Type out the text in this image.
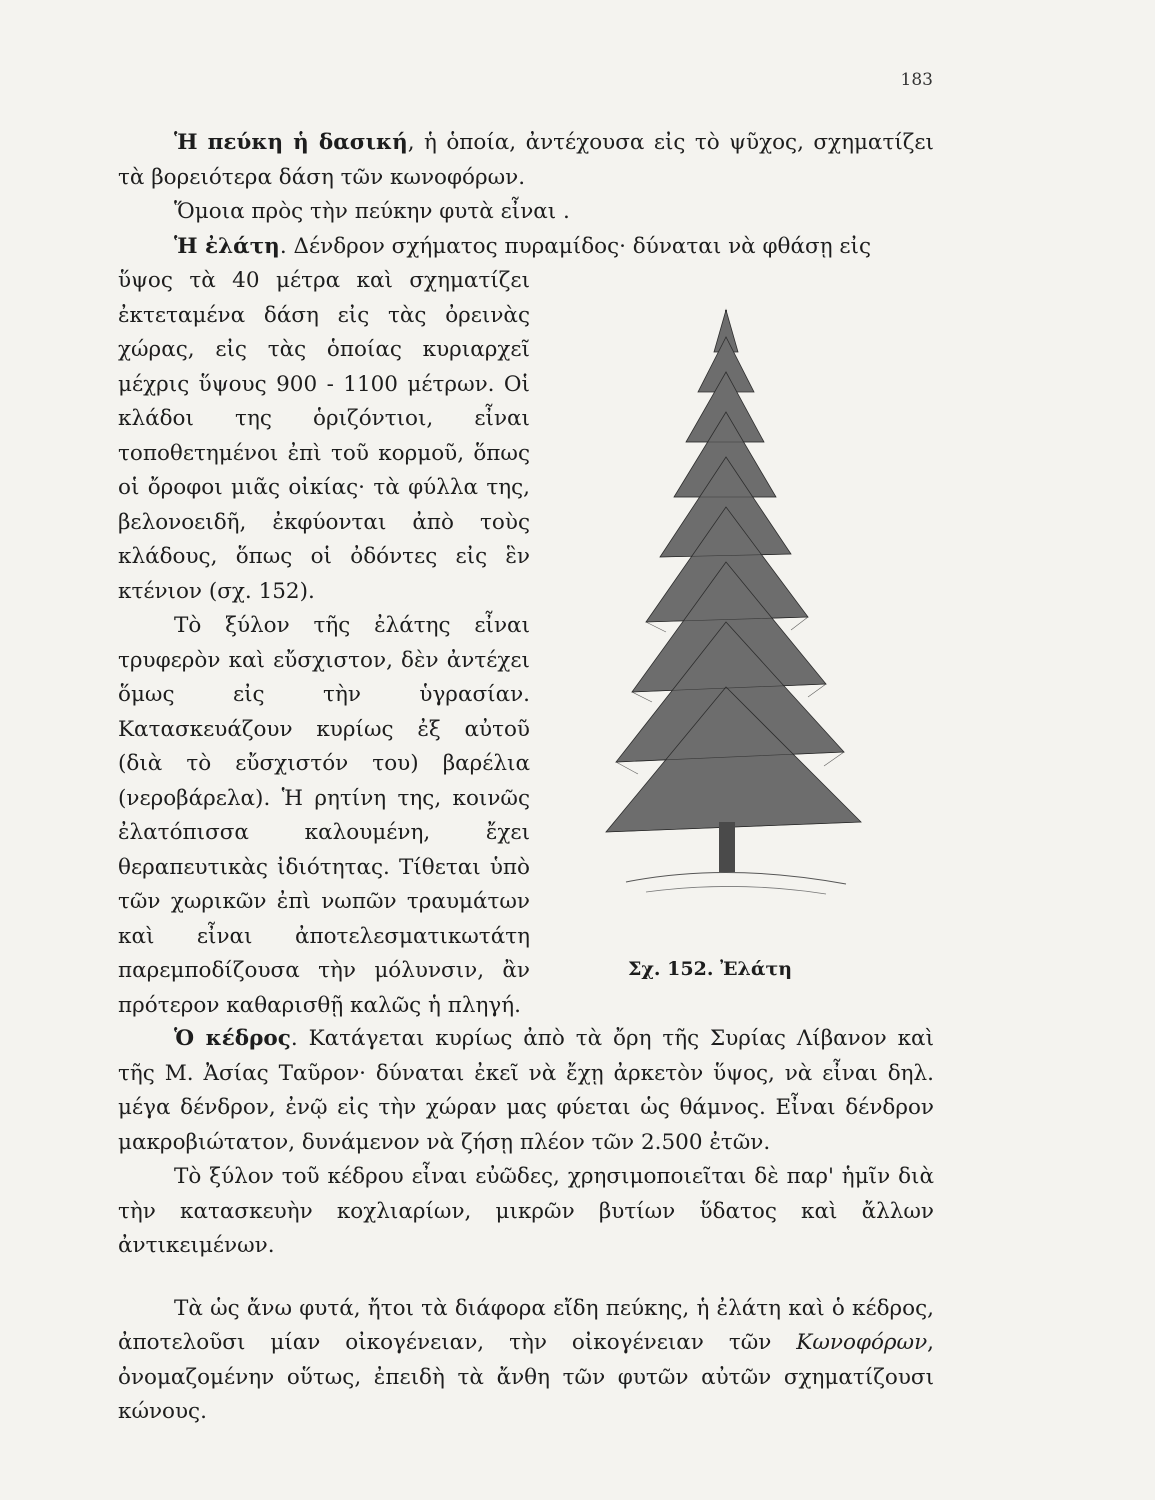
183

Ἡ πεύκη ἡ δασική, ἡ ὁποία, ἀντέχουσα εἰς τὸ ψῦχος, σχηματίζει τὰ βορειότερα δάση τῶν κωνοφόρων.

Ὅμοια πρὸς τὴν πεύκην φυτὰ εἶναι .

Ἡ ἐλάτη. Δένδρον σχήματος πυραμίδος· δύναται νὰ φθάσῃ εἰς

ὕψος τὰ 40 μέτρα καὶ σχηματίζει ἐκτεταμένα δάση εἰς τὰς ὀρεινὰς χώρας, εἰς τὰς ὁποίας κυριαρχεῖ μέχρις ὕψους 900 - 1100 μέτρων. Οἱ κλάδοι της ὁριζόντιοι, εἶναι τοποθετημένοι ἐπὶ τοῦ κορμοῦ, ὅπως οἱ ὄροφοι μιᾶς οἰκίας· τὰ φύλλα της, βελονοειδῆ, ἐκφύονται ἀπὸ τοὺς κλάδους, ὅπως οἱ ὀδόντες εἰς ἓν κτένιον (σχ. 152).

Τὸ ξύλον τῆς ἐλάτης εἶναι τρυφερὸν καὶ εὔσχιστον, δὲν ἀντέχει ὅμως εἰς τὴν ὑγρασίαν. Κατασκευάζουν κυρίως ἐξ αὐτοῦ (διὰ τὸ εὔσχιστόν του) βαρέλια (νεροβάρελα). Ἡ ρητίνη της, κοινῶς ἐλατόπισσα καλουμένη, ἔχει θεραπευτικὰς ἰδιότητας. Τίθεται ὑπὸ τῶν χωρικῶν ἐπὶ νωπῶν τραυμάτων καὶ εἶναι ἀποτελεσματικωτάτη παρεμποδίζουσα τὴν μόλυνσιν, ἂν πρότερον καθαρισθῇ καλῶς ἡ πληγή.

Σχ. 152. Ἐλάτη

Ὁ κέδρος. Κατάγεται κυρίως ἀπὸ τὰ ὄρη τῆς Συρίας Λίβανον καὶ τῆς Μ. Ἀσίας Ταῦρον· δύναται ἐκεῖ νὰ ἔχῃ ἀρκετὸν ὕψος, νὰ εἶναι δηλ. μέγα δένδρον, ἐνῷ εἰς τὴν χώραν μας φύεται ὡς θάμνος. Εἶναι δένδρον μακροβιώτατον, δυνάμενον νὰ ζήσῃ πλέον τῶν 2.500 ἐτῶν.

Τὸ ξύλον τοῦ κέδρου εἶναι εὐῶδες, χρησιμοποιεῖται δὲ παρ' ἡμῖν διὰ τὴν κατασκευὴν κοχλιαρίων, μικρῶν βυτίων ὕδατος καὶ ἄλλων ἀντικειμένων.

Τὰ ὡς ἄνω φυτά, ἤτοι τὰ διάφορα εἴδη πεύκης, ἡ ἐλάτη καὶ ὁ κέδρος, ἀποτελοῦσι μίαν οἰκογένειαν, τὴν οἰκογένειαν τῶν Κωνοφόρων, ὀνομαζομένην οὕτως, ἐπειδὴ τὰ ἄνθη τῶν φυτῶν αὐτῶν σχηματίζουσι κώνους.
